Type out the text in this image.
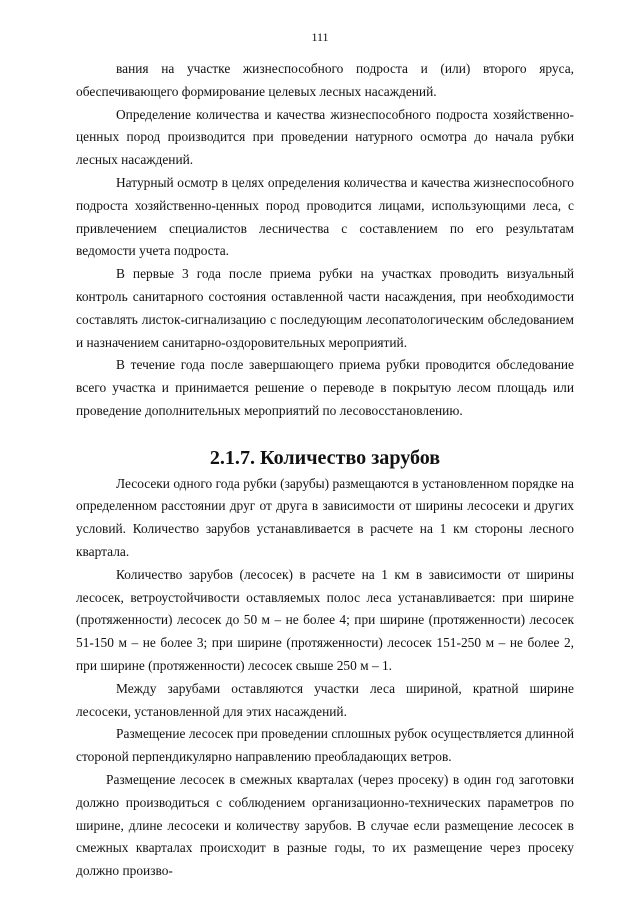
111

вания на участке жизнеспособного подроста и (или) второго яруса, обеспечивающего формирование целевых лесных насаждений.

Определение количества и качества жизнеспособного подроста хозяйственно-ценных пород производится при проведении натурного осмотра до начала рубки лесных насаждений.

Натурный осмотр в целях определения количества и качества жизнеспособного подроста хозяйственно-ценных пород проводится лицами, использующими леса, с привлечением специалистов лесничества с составлением по его результатам ведомости учета подроста.

В первые 3 года после приема рубки на участках проводить визуальный контроль санитарного состояния оставленной части насаждения, при необходимости составлять листок-сигнализацию с последующим лесопатологическим обследованием и назначением санитарно-оздоровительных мероприятий.

В течение года после завершающего приема рубки проводится обследование всего участка и принимается решение о переводе в покрытую лесом площадь или проведение дополнительных мероприятий по лесовосстановлению.

2.1.7. Количество зарубов

Лесосеки одного года рубки (зарубы) размещаются в установленном порядке на определенном расстоянии друг от друга в зависимости от ширины лесосеки и других условий. Количество зарубов устанавливается в расчете на 1 км стороны лесного квартала.

Количество зарубов (лесосек) в расчете на 1 км в зависимости от ширины лесосек, ветроустойчивости оставляемых полос леса устанавливается: при ширине (протяженности) лесосек до 50 м – не более 4; при ширине (протяженности) лесосек 51-150 м – не более 3; при ширине (протяженности) лесосек 151-250 м – не более 2, при ширине (протяженности) лесосек свыше 250 м – 1.

Между зарубами оставляются участки леса шириной, кратной ширине лесосеки, установленной для этих насаждений.

Размещение лесосек при проведении сплошных рубок осуществляется длинной стороной перпендикулярно направлению преобладающих ветров.

Размещение лесосек в смежных кварталах (через просеку) в один год заготовки должно производиться с соблюдением организационно-технических параметров по ширине, длине лесосеки и количеству зарубов. В случае если размещение лесосек в смежных кварталах происходит в разные годы, то их размещение через просеку должно произво-
